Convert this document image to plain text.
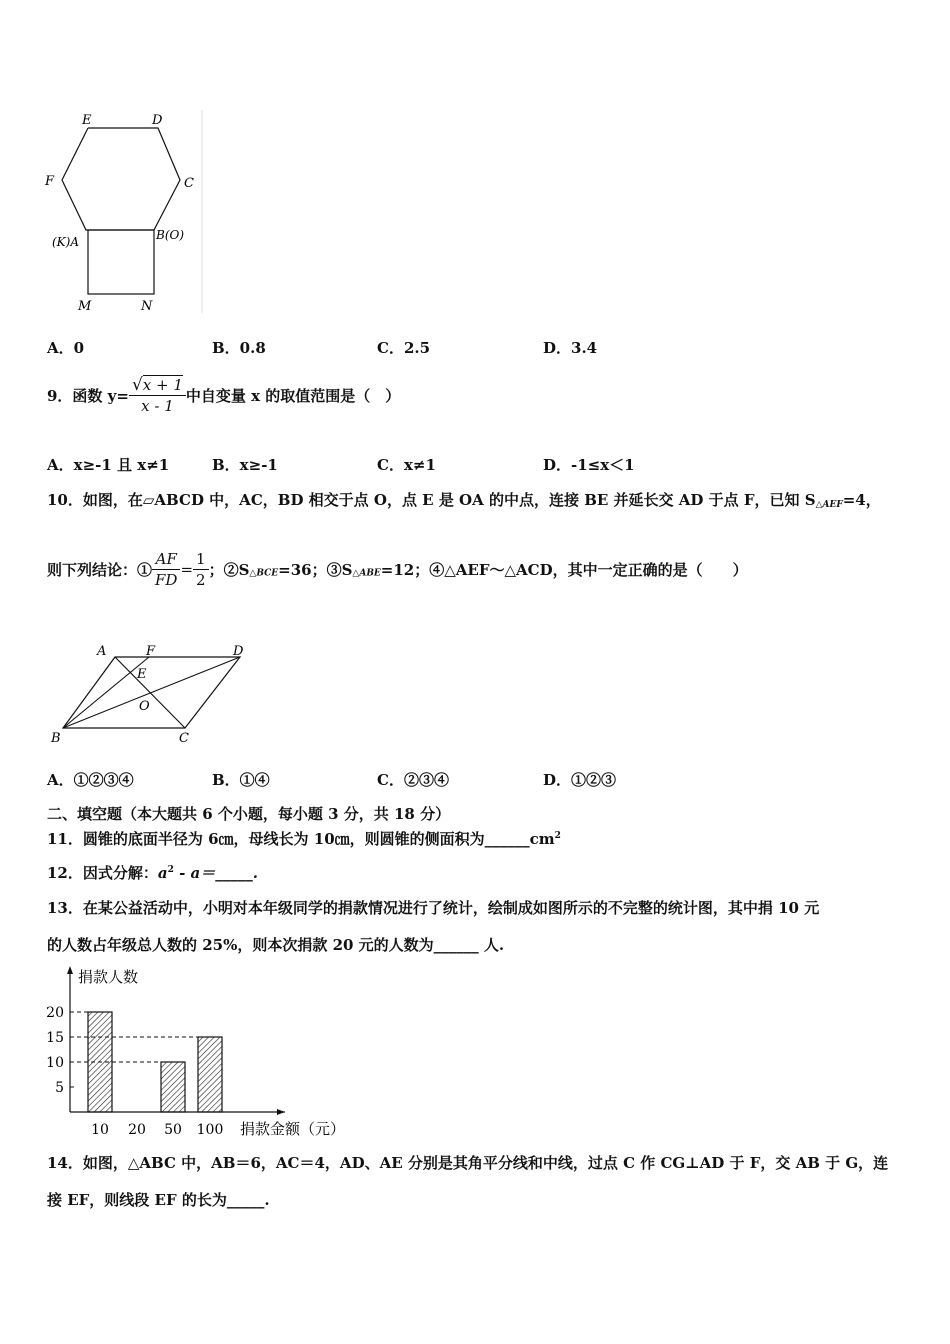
E	D
F	C
(K)A	B(O)
M	N
A．0	B．0.8	C．2.5	D．3.4
9．函数 $y= \frac{√x + 1}{x - 1}$ 中自变量 x 的取值范围是（　）
A．x≥-1 且 x≠1	B．x≥-1	C．x≠1	D．-1≤x＜1
10．如图，在▱ABCD 中，AC，BD 相交于点 O，点 E 是 OA 的中点，连接 BE 并延长交 AD 于点 F，已知 $S_{\triangle AEF}=4$，
则下列结论：① $\frac{AF}{FD} = \frac{1}{2}$ ；$②S_{\triangle BCE}=36$；$③S_{\triangle ABE}=12$；④△AEF～△ACD，其中一定正确的是（　　）
A	F	D
E
O
B	C
A．①②③④	B．①④	C．②③④	D．①②③
二、填空题（本大题共 6 个小题，每小题 3 分，共 18 分）
11．圆锥的底面半径为 6㎝，母线长为 10㎝，则圆锥的侧面积为$\_\_\_\_\_\_cm^2$
12．因式分解：$a^2$ - a＝_____.
13．在某公益活动中，小明对本年级同学的捐款情况进行了统计，绘制成如图所示的不完整的统计图，其中捐 10 元
的人数占年级总人数的 25%，则本次捐款 20 元的人数为______ 人.
捐款人数
捐款金额（元）
5
10
15
20
10 20 50 100
14．如图，△ABC 中，AB＝6，AC＝4，AD、AE 分别是其角平分线和中线，过点 C 作 CG⊥AD 于 F，交 AB 于 G，连
接 EF，则线段 EF 的长为_____.
